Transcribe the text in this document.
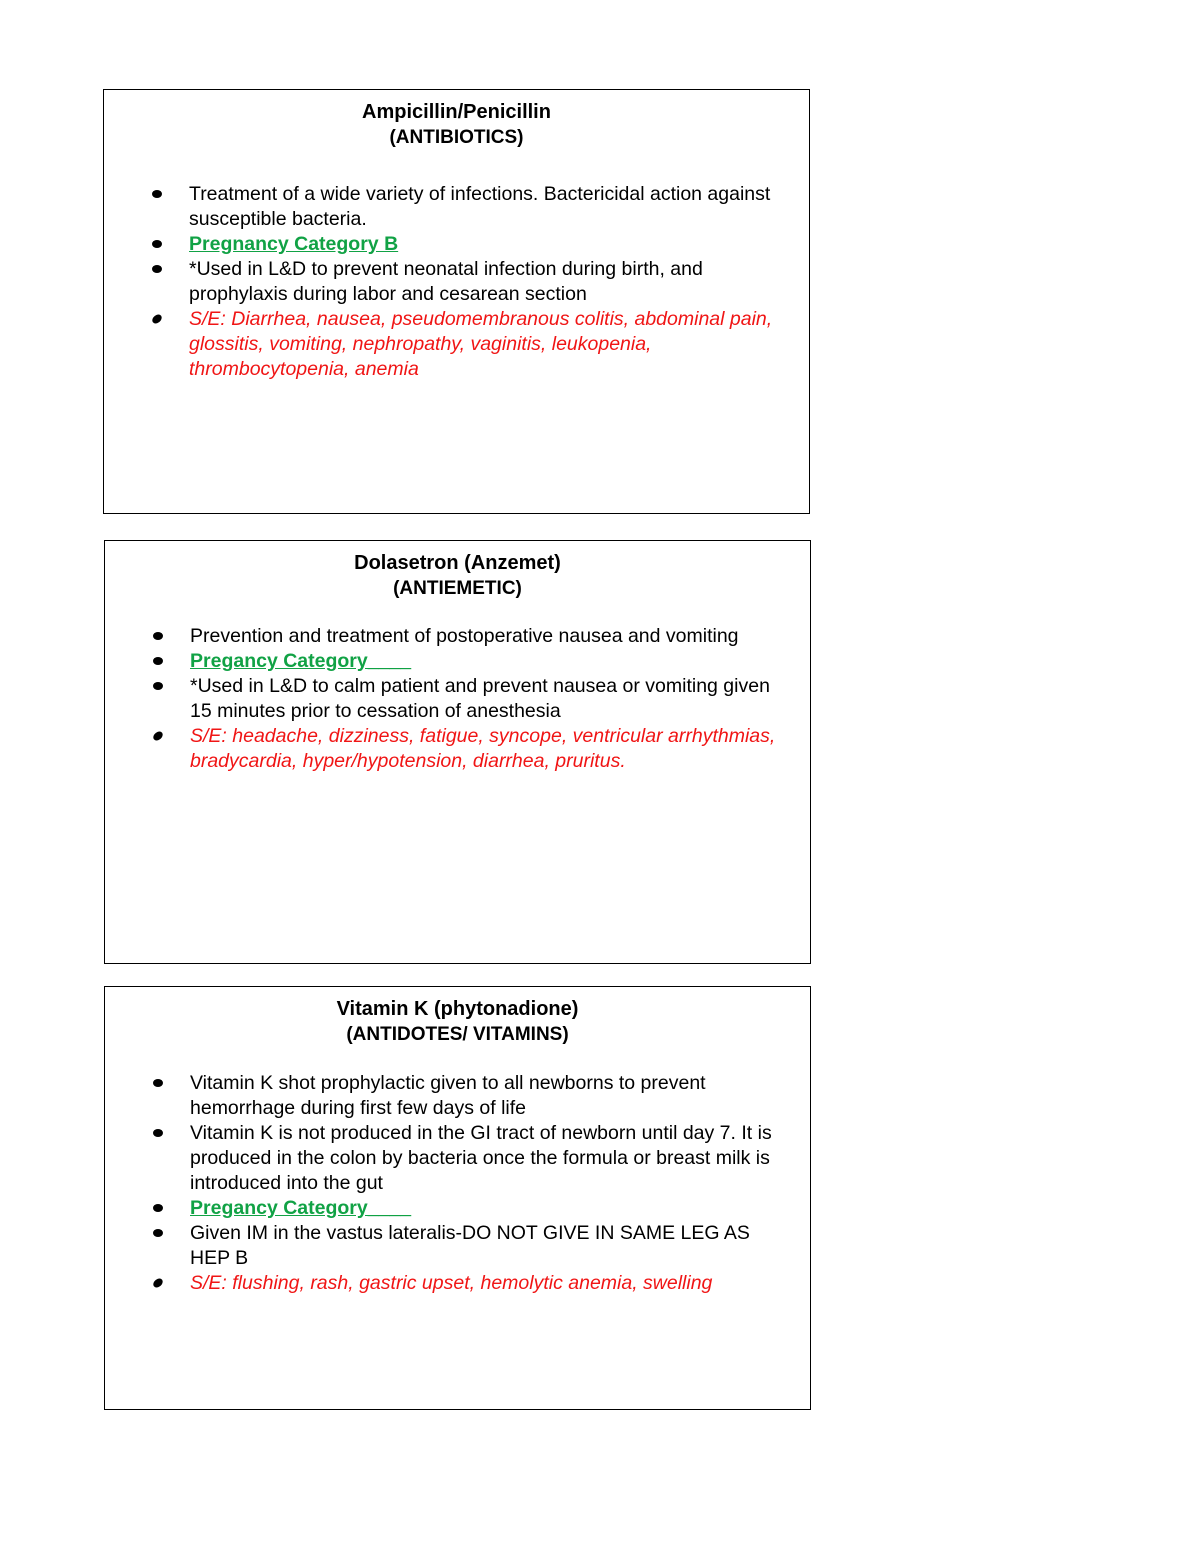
Ampicillin/Penicillin
(ANTIBIOTICS)
Treatment of a wide variety of infections. Bactericidal action against susceptible bacteria.
Pregnancy Category B
*Used in L&D to prevent neonatal infection during birth, and prophylaxis during labor and cesarean section
S/E: Diarrhea, nausea, pseudomembranous colitis, abdominal pain, glossitis, vomiting, nephropathy, vaginitis, leukopenia, thrombocytopenia, anemia
Dolasetron (Anzemet)
(ANTIEMETIC)
Prevention and treatment of postoperative nausea and vomiting
Pregancy Category____
*Used in L&D to calm patient and prevent nausea or vomiting given 15 minutes prior to cessation of anesthesia
S/E: headache, dizziness, fatigue, syncope, ventricular arrhythmias, bradycardia, hyper/hypotension, diarrhea, pruritus.
Vitamin K (phytonadione)
(ANTIDOTES/ VITAMINS)
Vitamin K shot prophylactic given to all newborns to prevent hemorrhage during first few days of life
Vitamin K is not produced in the GI tract of newborn until day 7. It is produced in the colon by bacteria once the formula or breast milk is introduced into the gut
Pregancy Category____
Given IM in the vastus lateralis-DO NOT GIVE IN SAME LEG AS HEP B
S/E: flushing, rash, gastric upset, hemolytic anemia, swelling
